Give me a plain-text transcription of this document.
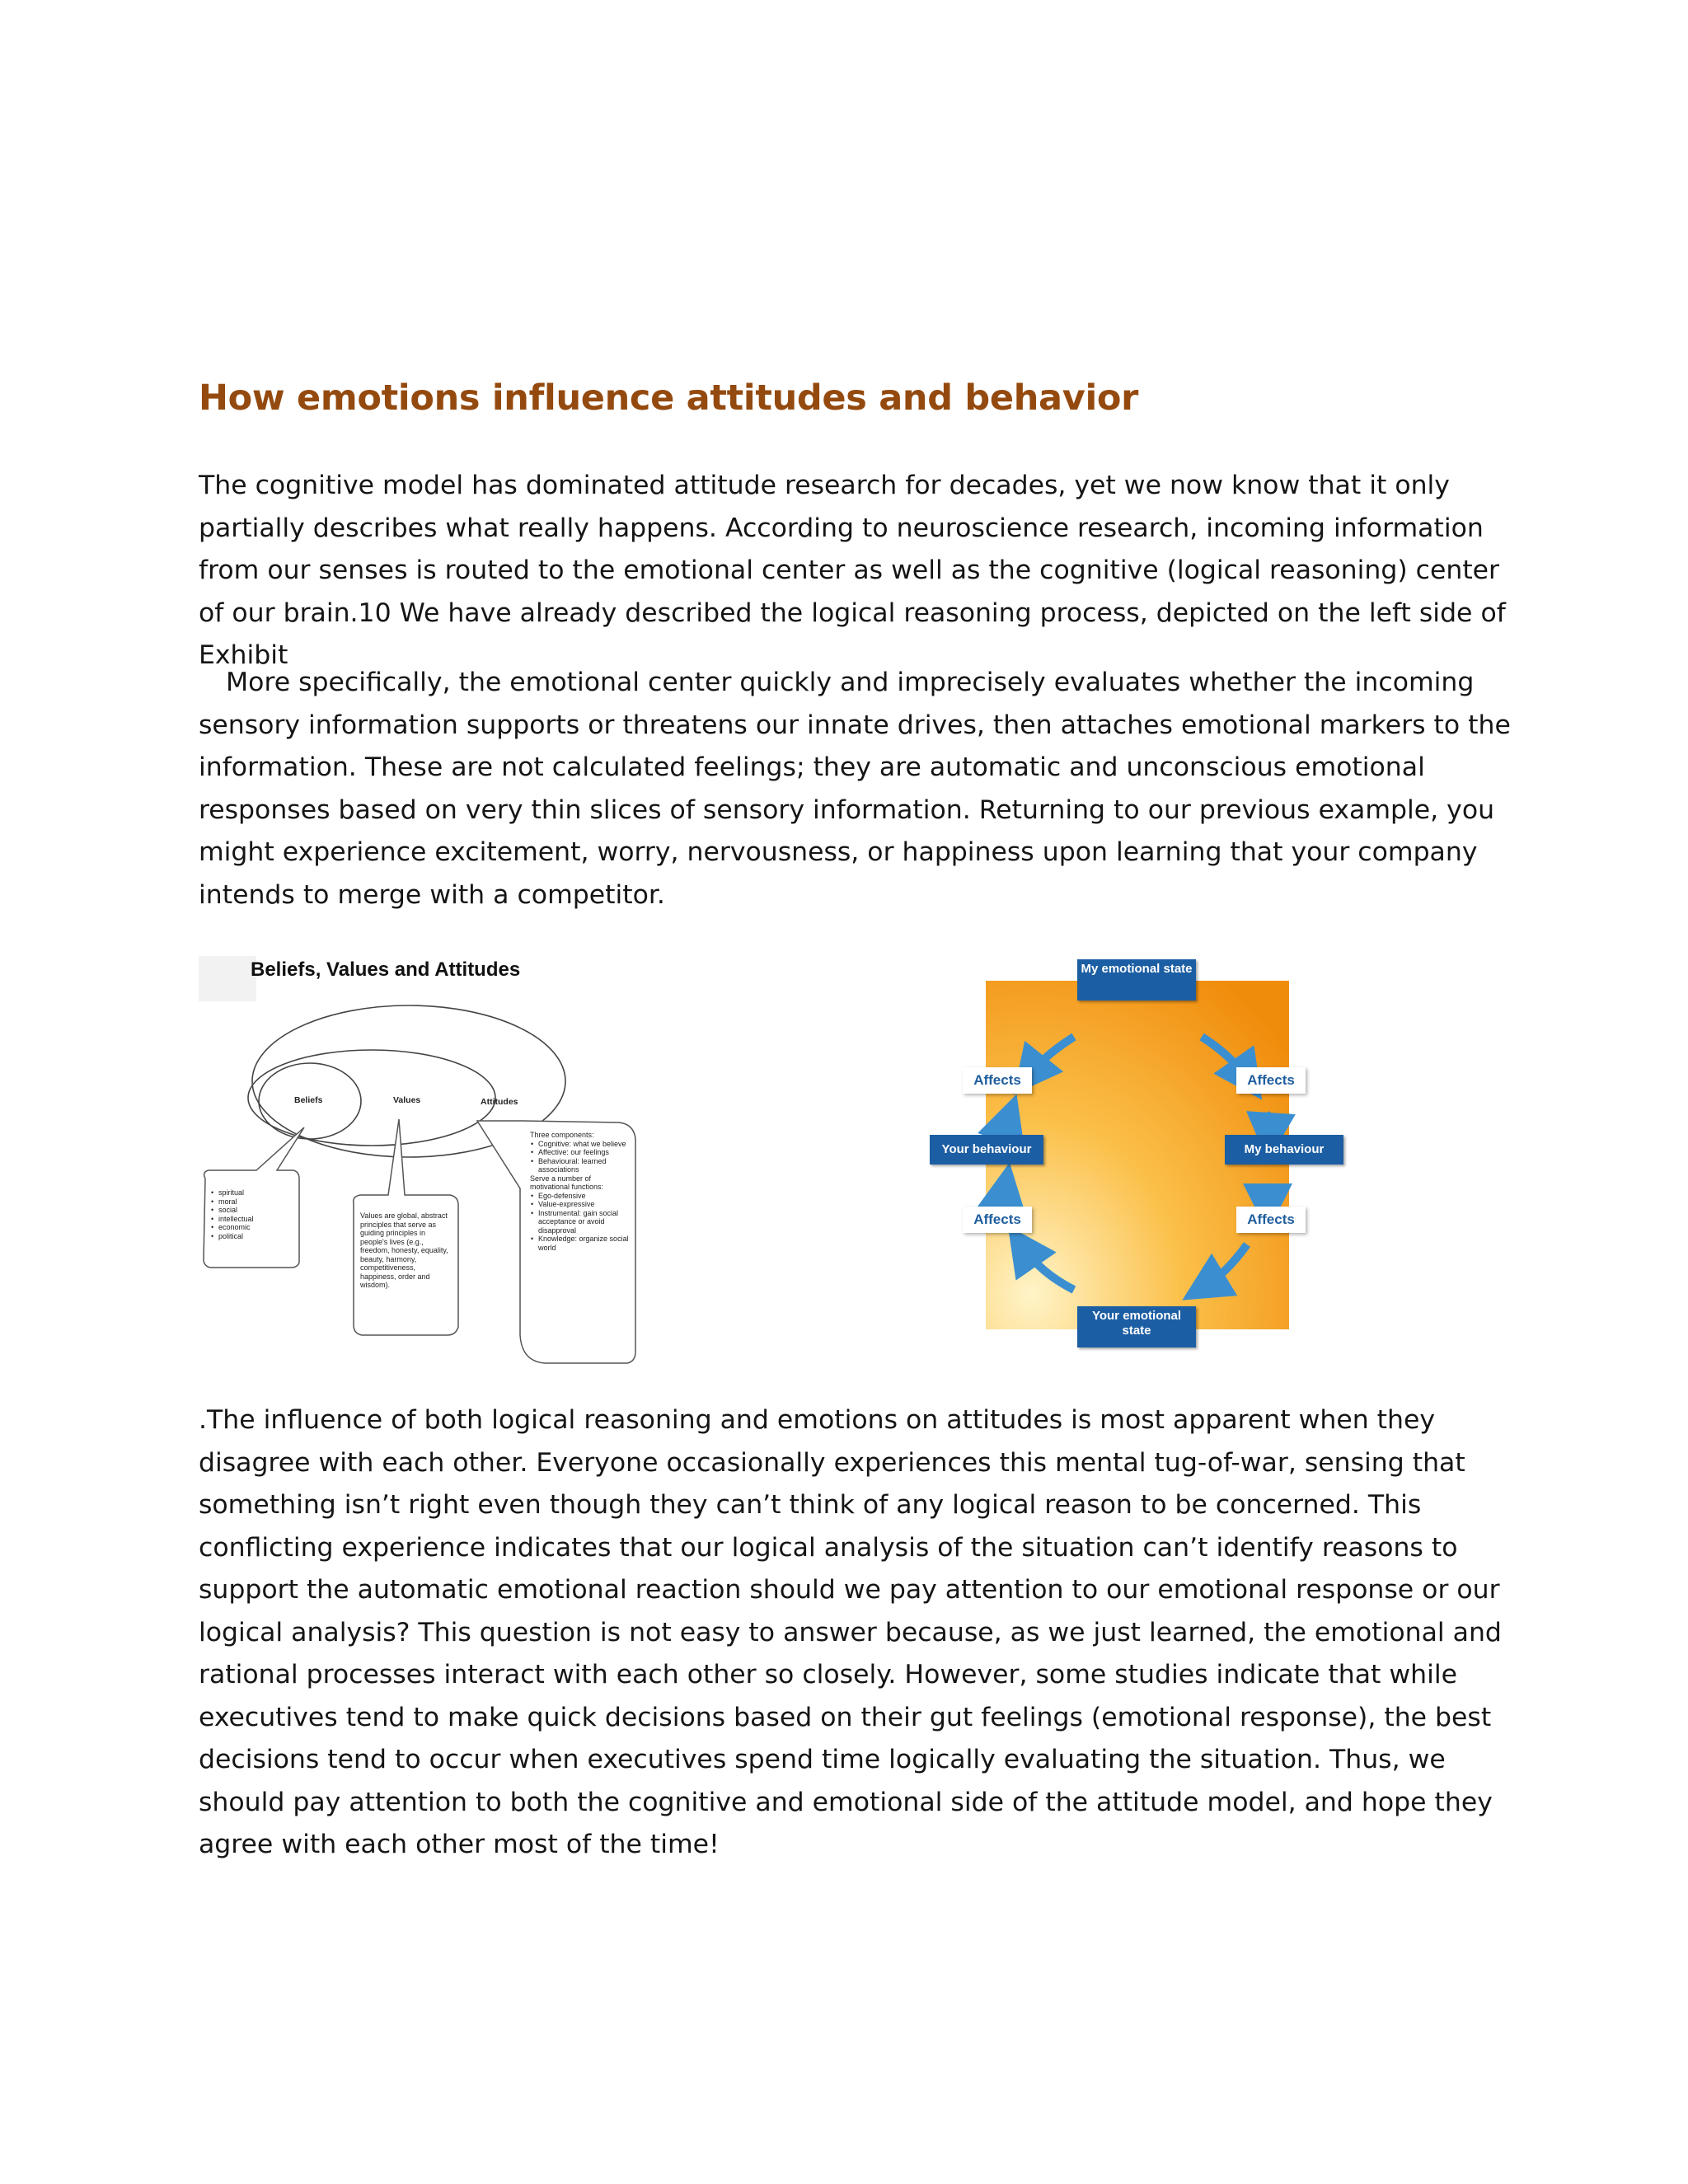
How emotions influence attitudes and behavior

The cognitive model has dominated attitude research for decades, yet we now know that it only partially describes what really happens. According to neuroscience research, incoming information from our senses is routed to the emotional center as well as the cognitive (logical reasoning) center of our brain.10 We have already described the logical reasoning process, depicted on the left side of Exhibit

More specifically, the emotional center quickly and imprecisely evaluates whether the incoming sensory information supports or threatens our innate drives, then attaches emotional markers to the information. These are not calculated feelings; they are automatic and unconscious emotional responses based on very thin slices of sensory information. Returning to our previous example, you might experience excitement, worry, nervousness, or happiness upon learning that your company intends to merge with a competitor.

Beliefs, Values and Attitudes

Beliefs	Values	Attitudes
• spiritual
• moral
• social
• intellectual
• economic
• political
Values are global, abstract principles that serve as guiding principles in people's lives (e.g., freedom, honesty, equality, beauty, harmony, competitiveness, happiness, order and wisdom).
Three components:
• Cognitive: what we believe
• Affective: our feelings
• Behavioural: learned associations
Serve a number of motivational functions:
• Ego-defensive
• Value-expressive
• Instrumental: gain social acceptance or avoid disapproval
• Knowledge: organize social world
My emotional state
Your emotional state
Your behaviour	My behaviour
Affects	Affects
Affects	Affects

.The influence of both logical reasoning and emotions on attitudes is most apparent when they disagree with each other. Everyone occasionally experiences this mental tug-of-war, sensing that something isn’t right even though they can’t think of any logical reason to be concerned. This conflicting experience indicates that our logical analysis of the situation can’t identify reasons to support the automatic emotional reaction should we pay attention to our emotional response or our logical analysis? This question is not easy to answer because, as we just learned, the emotional and rational processes interact with each other so closely. However, some studies indicate that while executives tend to make quick decisions based on their gut feelings (emotional response), the best decisions tend to occur when executives spend time logically evaluating the situation. Thus, we should pay attention to both the cognitive and emotional side of the attitude model, and hope they agree with each other most of the time!
